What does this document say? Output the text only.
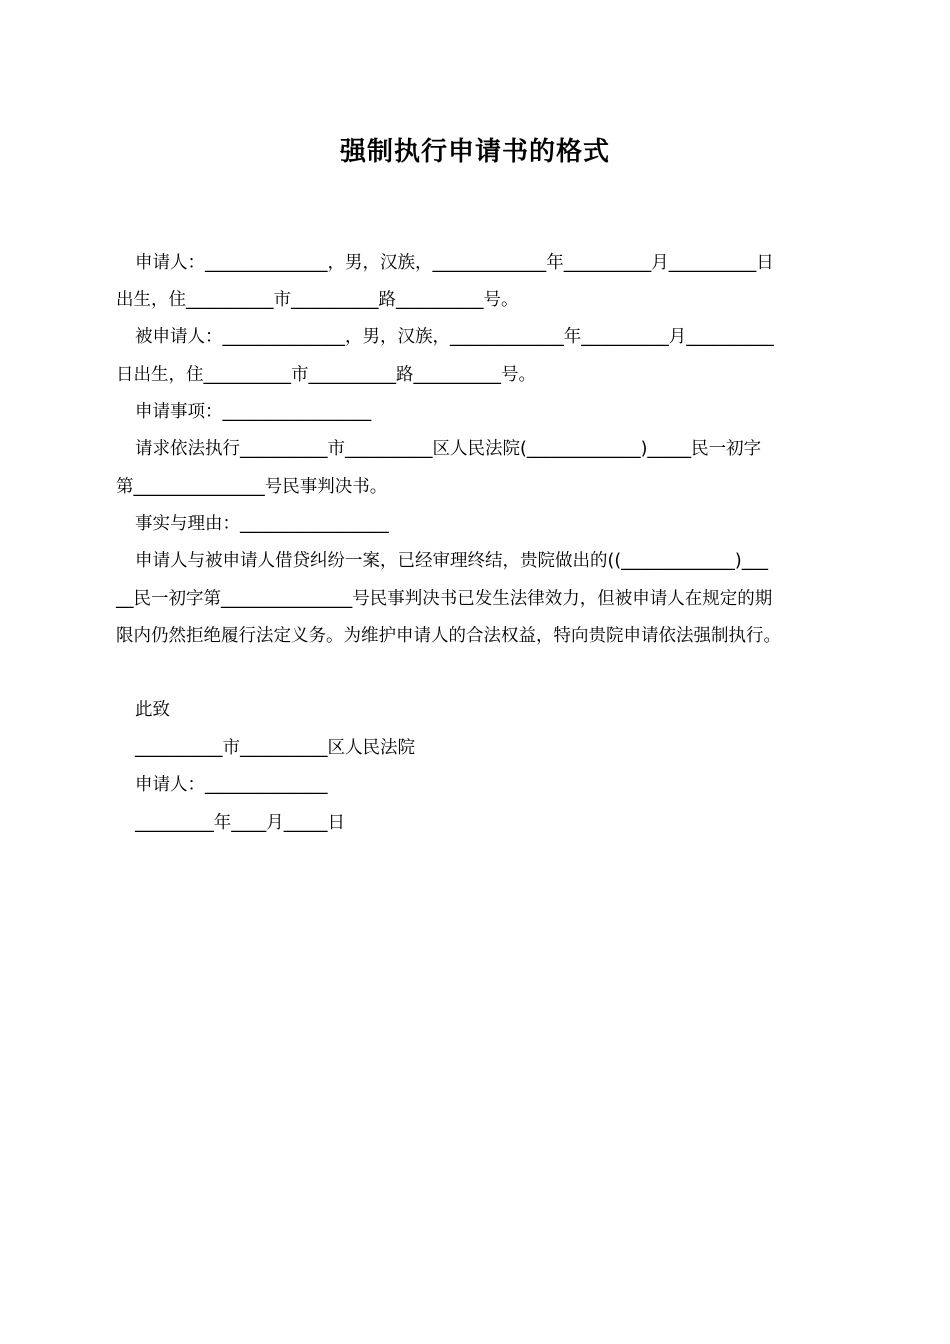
强制执行申请书的格式
申请人：______________，男，汉族，_____________年__________月__________日
出生，住__________市__________路__________号。
被申请人：______________，男，汉族，_____________年__________月__________
日出生，住__________市__________路__________号。
申请事项：_________________
请求依法执行__________市__________区人民法院(_____________)_____民一初字
第_______________号民事判决书。
事实与理由：_________________
申请人与被申请人借贷纠纷一案，已经审理终结，贵院做出的((_____________)___
__民一初字第_______________号民事判决书已发生法律效力，但被申请人在规定的期
限内仍然拒绝履行法定义务。为维护申请人的合法权益，特向贵院申请依法强制执行。
此致
__________市__________区人民法院
申请人：______________
_________年____月_____日
